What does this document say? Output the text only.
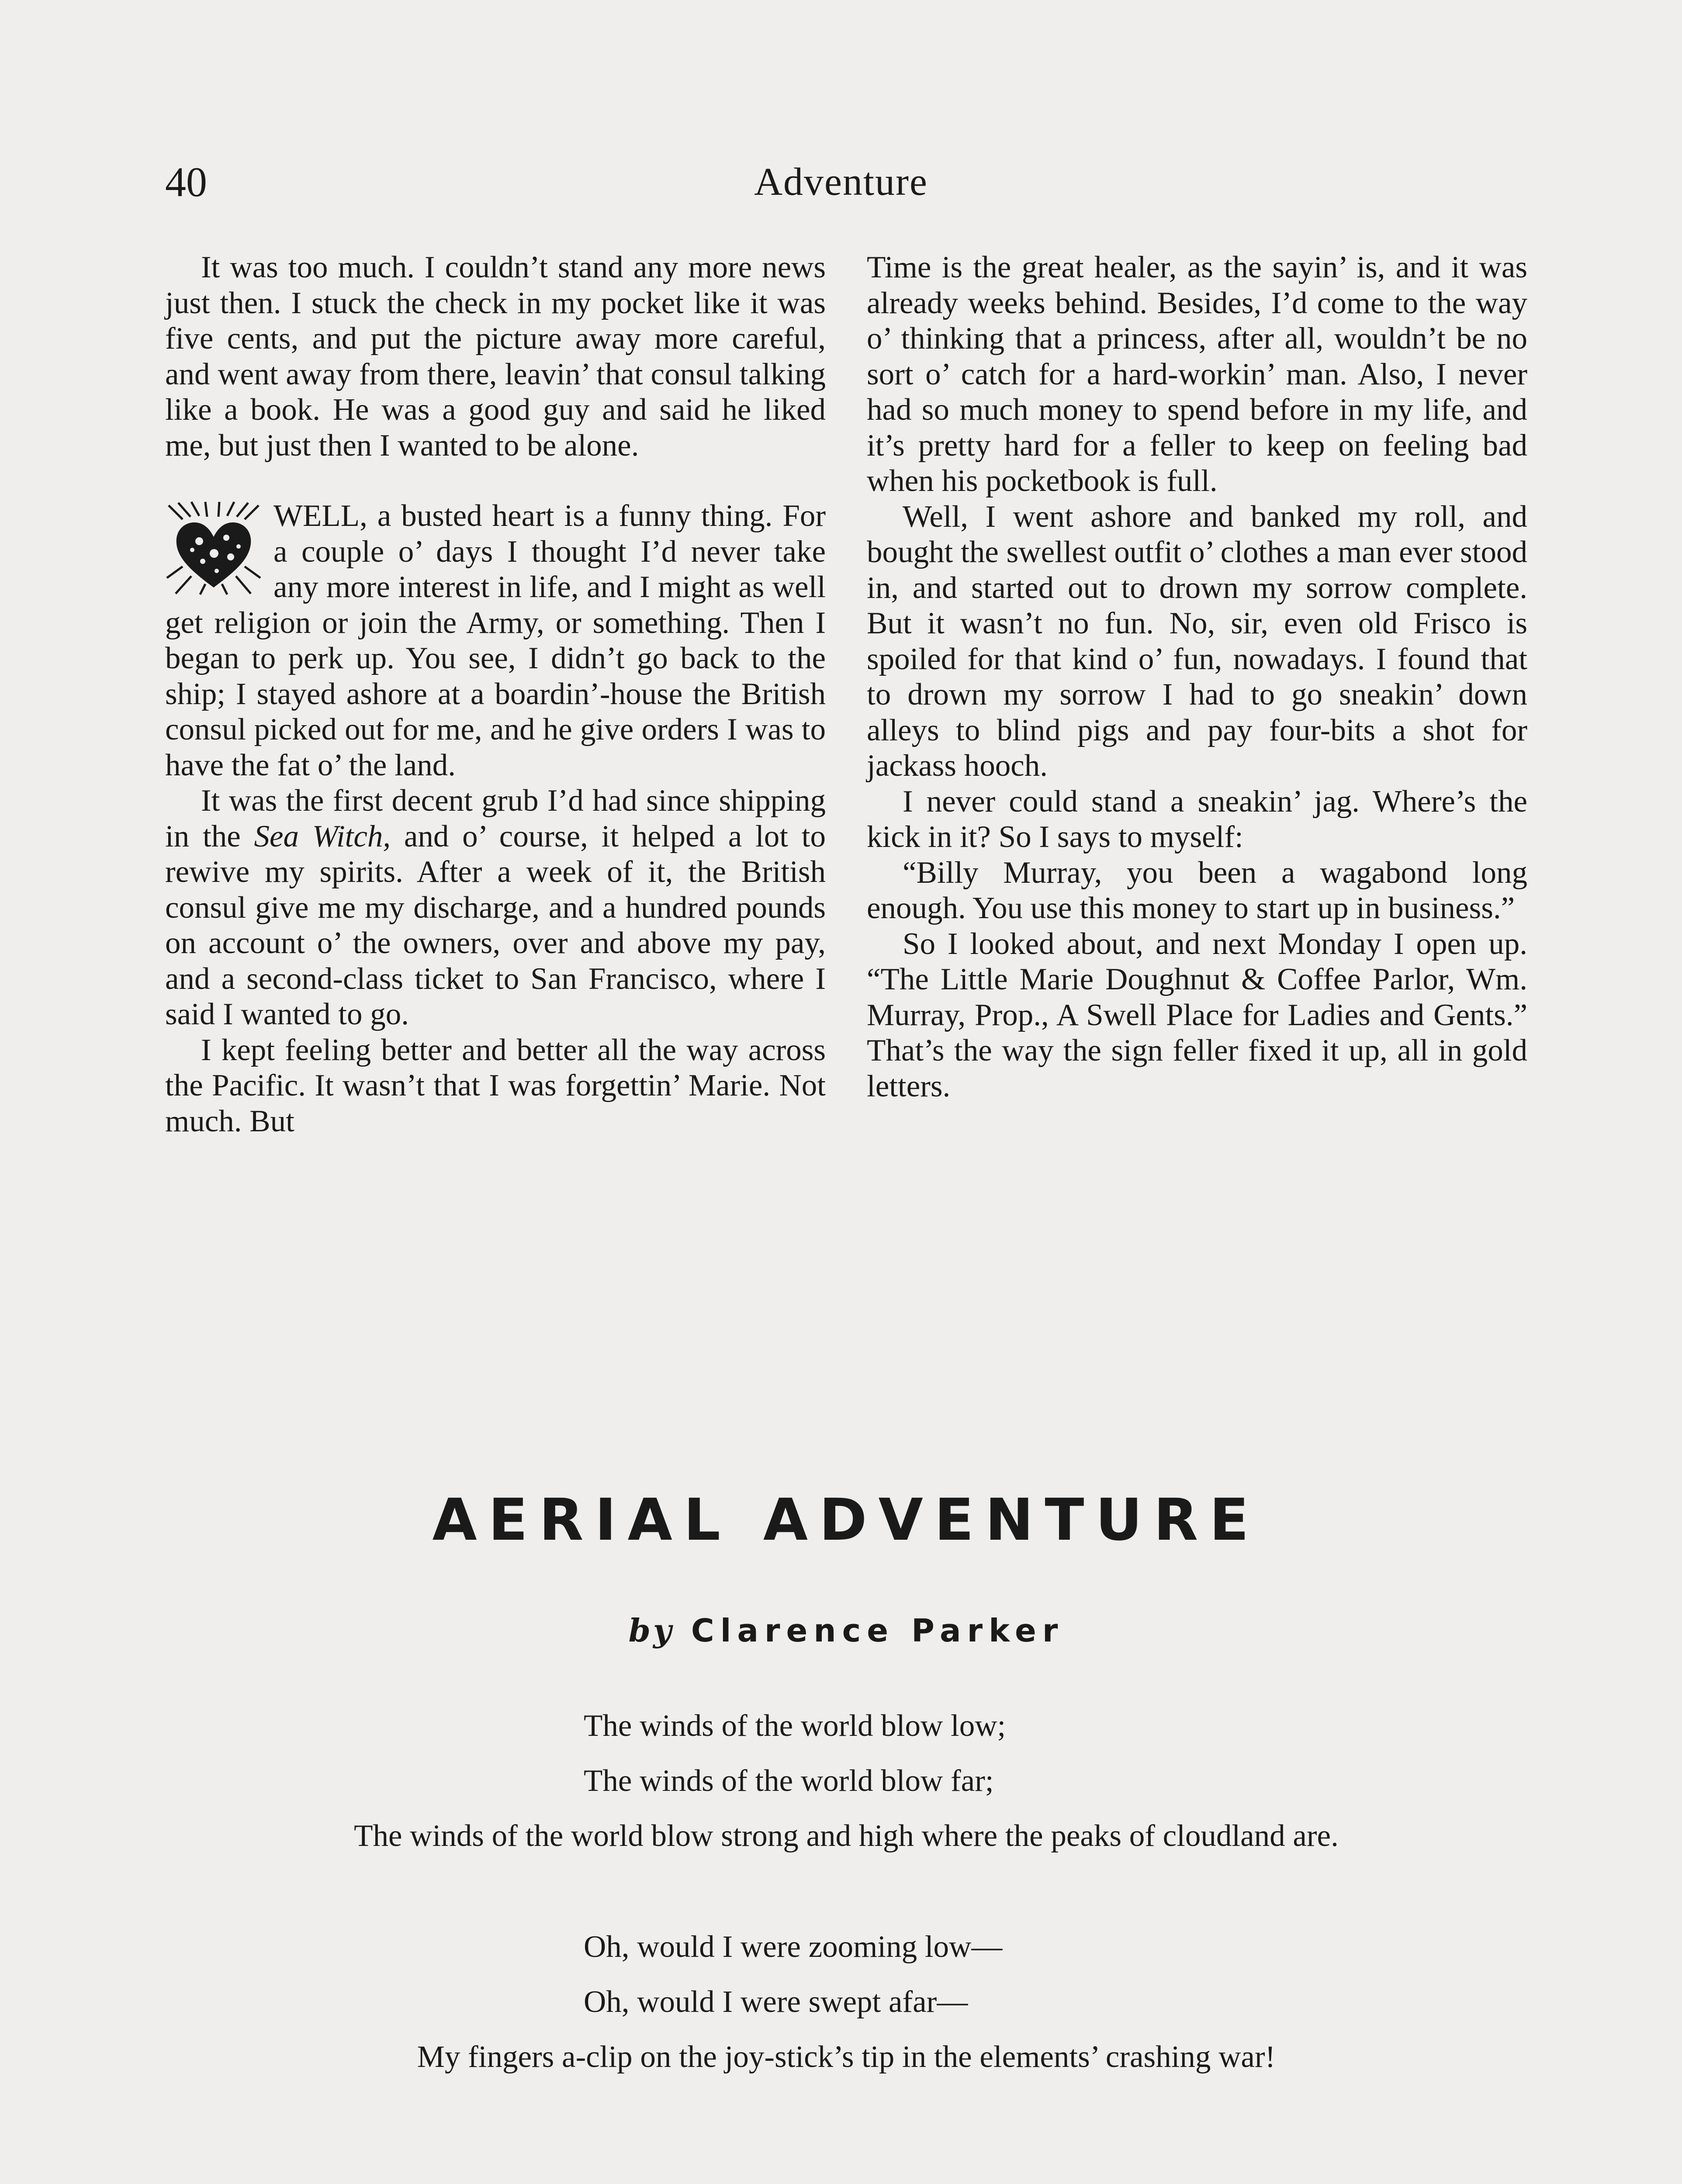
40	Adventure

It was too much. I couldn’t stand any more news just then. I stuck the check in my pocket like it was five cents, and put the picture away more careful, and went away from there, leavin’ that consul talking like a book. He was a good guy and said he liked me, but just then I wanted to be alone.

WELL, a busted heart is a funny thing. For a couple o’ days I thought I’d never take any more interest in life, and I might as well get religion or join the Army, or something. Then I began to perk up. You see, I didn’t go back to the ship; I stayed ashore at a boardin’-house the British consul picked out for me, and he give orders I was to have the fat o’ the land.

It was the first decent grub I’d had since shipping in the Sea Witch, and o’ course, it helped a lot to rewive my spirits. After a week of it, the British consul give me my discharge, and a hundred pounds on account o’ the owners, over and above my pay, and a second-class ticket to San Francisco, where I said I wanted to go.

I kept feeling better and better all the way across the Pacific. It wasn’t that I was forgettin’ Marie. Not much. But

Time is the great healer, as the sayin’ is, and it was already weeks behind. Besides, I’d come to the way o’ thinking that a princess, after all, wouldn’t be no sort o’ catch for a hard-workin’ man. Also, I never had so much money to spend before in my life, and it’s pretty hard for a feller to keep on feeling bad when his pocketbook is full.

Well, I went ashore and banked my roll, and bought the swellest outfit o’ clothes a man ever stood in, and started out to drown my sorrow complete. But it wasn’t no fun. No, sir, even old Frisco is spoiled for that kind o’ fun, nowadays. I found that to drown my sorrow I had to go sneakin’ down alleys to blind pigs and pay four-bits a shot for jackass hooch.

I never could stand a sneakin’ jag. Where’s the kick in it? So I says to myself:

“Billy Murray, you been a wagabond long enough. You use this money to start up in business.”

So I looked about, and next Monday I open up. “The Little Marie Doughnut & Coffee Parlor, Wm. Murray, Prop., A Swell Place for Ladies and Gents.” That’s the way the sign feller fixed it up, all in gold letters.

AERIAL ADVENTURE
by Clarence Parker
The winds of the world blow low;
The winds of the world blow far;
The winds of the world blow strong and high where the peaks of cloudland are.
Oh, would I were zooming low—
Oh, would I were swept afar—
My fingers a-clip on the joy-stick’s tip in the elements’ crashing war!
